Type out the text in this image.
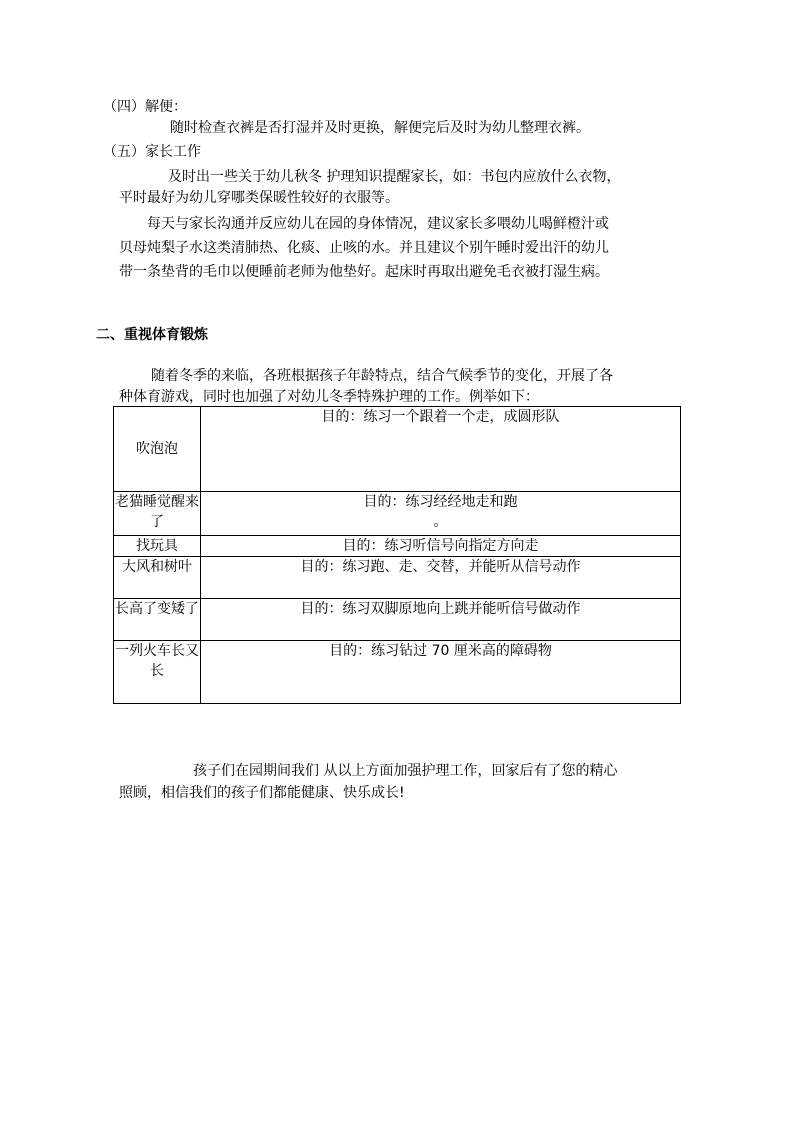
（四）解便：
随时检查衣裤是否打湿并及时更换，解便完后及时为幼儿整理衣裤。
（五）家长工作
及时出一些关于幼儿秋冬 护理知识提醒家长，如：书包内应放什么衣物，
平时最好为幼儿穿哪类保暖性较好的衣服等。
每天与家长沟通并反应幼儿在园的身体情况，建议家长多喂幼儿喝鲜橙汁或
贝母炖梨子水这类清肺热、化痰、止咳的水。并且建议个别午睡时爱出汗的幼儿
带一条垫背的毛巾以便睡前老师为他垫好。起床时再取出避免毛衣被打湿生病。
二、重视体育锻炼
随着冬季的来临，各班根据孩子年龄特点，结合气候季节的变化，开展了各
种体育游戏，同时也加强了对幼儿冬季特殊护理的工作。例举如下：
吹泡泡	目的：练习一个跟着一个走，成圆形队
老猫睡觉醒来了	目的：练习经经地走和跑
。

找玩具	目的：练习听信号向指定方向走
大风和树叶	目的：练习跑、走、交替，并能听从信号动作
长高了变矮了	目的：练习双脚原地向上跳并能听信号做动作
一列火车长又长	目的：练习钻过 70 厘米高的障碍物
孩子们在园期间我们 从以上方面加强护理工作，回家后有了您的精心
照顾，相信我们的孩子们都能健康、快乐成长!
